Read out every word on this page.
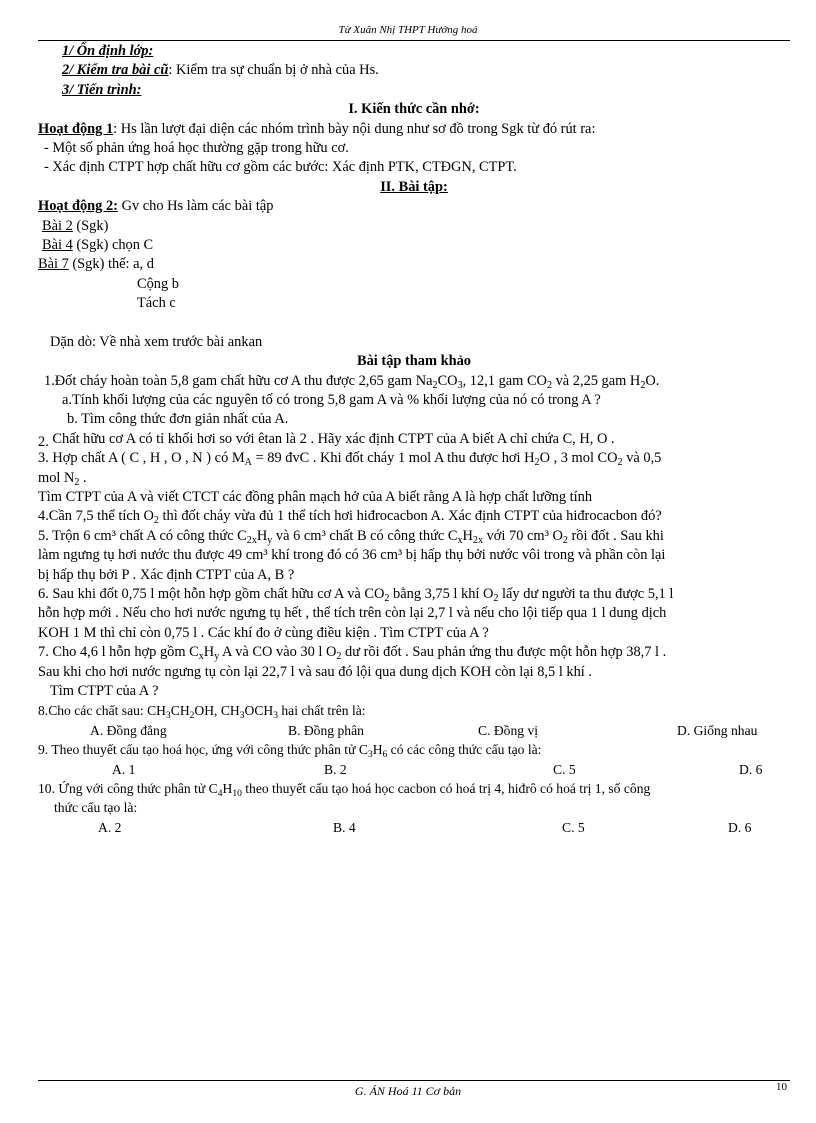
Từ Xuân Nhị THPT Hướng hoá
1/ Ổn định lớp:
2/ Kiểm tra bài cũ: Kiểm tra sự chuẩn bị ở nhà của Hs.
3/ Tiến trình:
I. Kiến thức cần nhớ:
Hoạt động 1: Hs lần lượt đại diện các nhóm trình bày nội dung như sơ đồ trong Sgk từ đó rút ra:
- Một số phản ứng hoá học thường gặp trong hữu cơ.
- Xác định CTPT hợp chất hữu cơ gồm các bước: Xác định PTK, CTĐGN, CTPT.
II. Bài tập:
Hoạt động 2: Gv cho Hs làm các bài tập
Bài 2 (Sgk)
Bài 4 (Sgk) chọn C
Bài 7 (Sgk) thế: a, d
Cộng b
Tách c
Dặn dò: Về nhà xem trước bài ankan
Bài tập tham khảo
1.Đốt cháy hoàn toàn 5,8 gam chất hữu cơ A thu được 2,65 gam $Na_2CO_3$, 12,1 gam $CO_2$ và 2,25 gam $H_2O$.
a.Tính khối lượng của các nguyên tố có trong 5,8 gam A và % khối lượng của nó có trong A ?
b. Tìm công thức đơn giản nhất của A.
2. Chất hữu cơ A có tỉ khối hơi so với êtan là 2 . Hãy xác định CTPT của A biết A chỉ chứa C, H, O .
3. Hợp chất A ( C , H , O , N ) có $M_A = 89$ đvC . Khi đốt cháy 1 mol A thu được hơi $H_2O$ , 3 mol $CO_2$ và 0,5
mol $N_2$ .
Tìm CTPT của A và viết CTCT các đồng phân mạch hở của A biết rằng A là hợp chất lưỡng tính
4.Cần 7,5 thể tích $O_2$ thì đốt cháy vừa đủ 1 thể tích hơi hiđrocacbon A. Xác định CTPT của hiđrocacbon đó?
5. Trộn 6 cm³ chất A có công thức $C_{2x}H_y$ và 6 cm³ chất B có công thức $C_xH_{2x}$ với 70 cm³ $O_2$ rồi đốt . Sau khi
làm ngưng tụ hơi nước thu được 49 cm³ khí trong đó có 36 cm³ bị hấp thụ bởi nước vôi trong và phần còn lại
bị hấp thụ bởi P . Xác định CTPT của A, B ?
6. Sau khi đốt 0,75 l một hỗn hợp gồm chất hữu cơ A và $CO_2$ bằng 3,75 l khí $O_2$ lấy dư người ta thu được 5,1 l
hỗn hợp mới . Nếu cho hơi nước ngưng tụ hết , thể tích trên còn lại 2,7 l và nếu cho lội tiếp qua 1 l dung dịch
KOH 1 M thì chỉ còn 0,75 l . Các khí đo ở cùng điều kiện . Tìm CTPT của A ?
7. Cho 4,6 l hỗn hợp gồm $C_xH_y$ A và CO vào 30 l $O_2$ dư rồi đốt . Sau phản ứng thu được một hỗn hợp 38,7 l .
Sau khi cho hơi nước ngưng tụ còn lại 22,7 l và sau đó lội qua dung dịch KOH còn lại 8,5 l khí .
Tìm CTPT của A ?
8.Cho các chất sau: $CH_3CH_2OH$, $CH_3OCH_3$ hai chất trên là:
A. Đồng đẳng	B. Đồng phân	C. Đồng vị	D. Giống nhau
9. Theo thuyết cấu tạo hoá học, ứng với công thức phân tử $C_3H_6$ có các công thức cấu tạo là:
A. 1	B. 2	C. 5	D. 6
10. Ứng với công thức phân tử $C_4H_{10}$ theo thuyết cấu tạo hoá học cacbon có hoá trị 4, hiđrô có hoá trị 1, số công
thức cấu tạo là:
A. 2	B. 4	C. 5	D. 6
G. ÁN Hoá 11 Cơ bản	10
